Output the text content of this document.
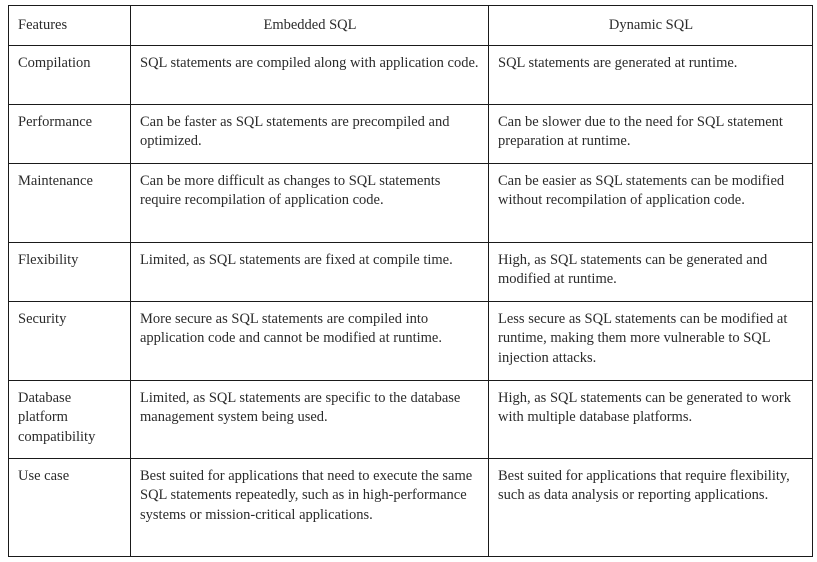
Features	Embedded SQL	Dynamic SQL
Compilation	SQL statements are compiled along with application code.	SQL statements are generated at runtime.
Performance	Can be faster as SQL statements are precompiled and optimized.	Can be slower due to the need for SQL statement preparation at runtime.
Maintenance	Can be more difficult as changes to SQL statements require recompilation of application code.	Can be easier as SQL statements can be modified without recompilation of application code.
Flexibility	Limited, as SQL statements are fixed at compile time.	High, as SQL statements can be generated and modified at runtime.
Security	More secure as SQL statements are compiled into application code and cannot be modified at runtime.	Less secure as SQL statements can be modified at runtime, making them more vulnerable to SQL injection attacks.
Database platform compatibility	Limited, as SQL statements are specific to the database management system being used.	High, as SQL statements can be generated to work with multiple database platforms.
Use case	Best suited for applications that need to execute the same SQL statements repeatedly, such as in high-performance systems or mission-critical applications.	Best suited for applications that require flexibility, such as data analysis or reporting applications.
